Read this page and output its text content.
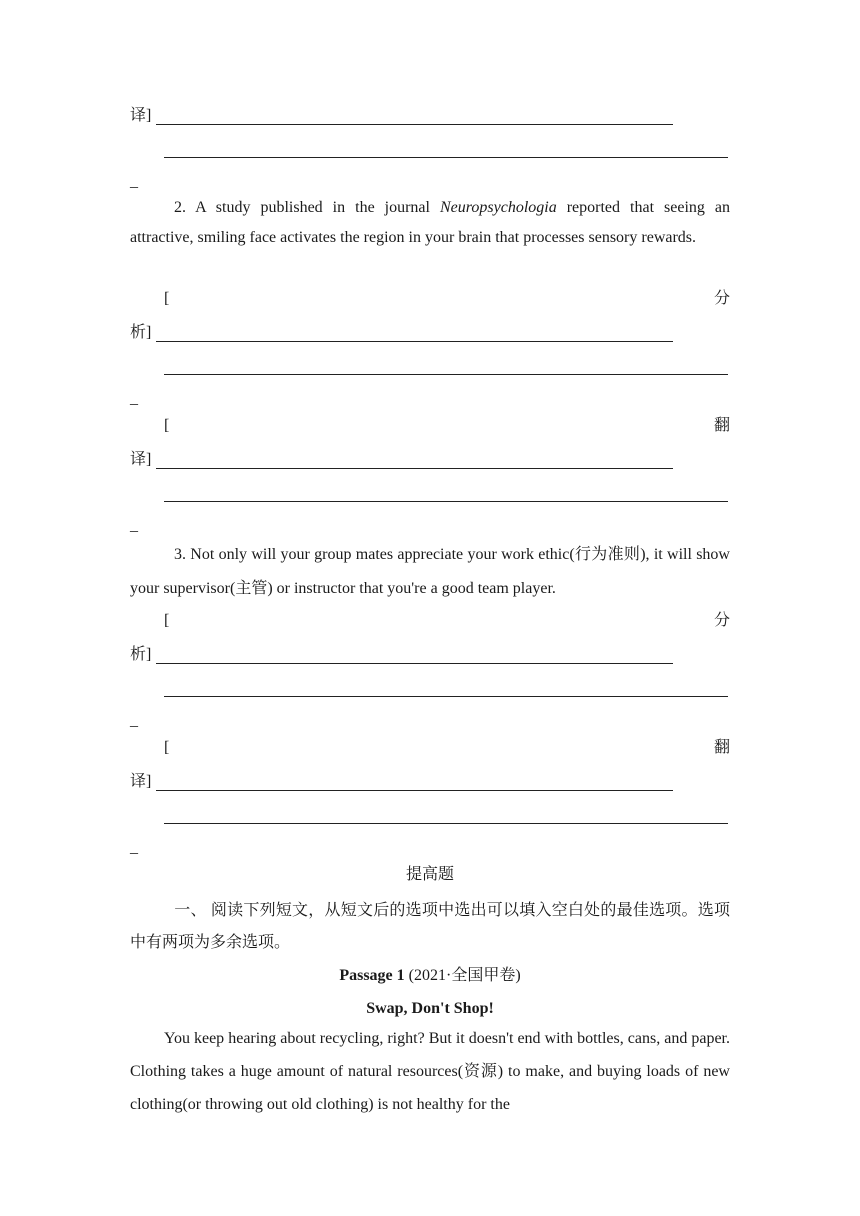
译]
_
2. A study published in the journal Neuropsychologia reported that seeing an attractive, smiling face activates the region in your brain that processes sensory rewards.
[	分
析]
_
[	翻
译]
_
3. Not only will your group mates appreciate your work ethic(行为准则), it will show your supervisor(主管) or instructor that you're a good team player.
[	分
析]
_
[	翻
译]
_
提高题
一、 阅读下列短文，从短文后的选项中选出可以填入空白处的最佳选项。选项中有两项为多余选项。
Passage 1 (2021·全国甲卷)
Swap, Don't Shop!
You keep hearing about recycling, right? But it doesn't end with bottles, cans, and paper. Clothing takes a huge amount of natural resources(资源) to make, and buying loads of new clothing(or throwing out old clothing) is not healthy for the
